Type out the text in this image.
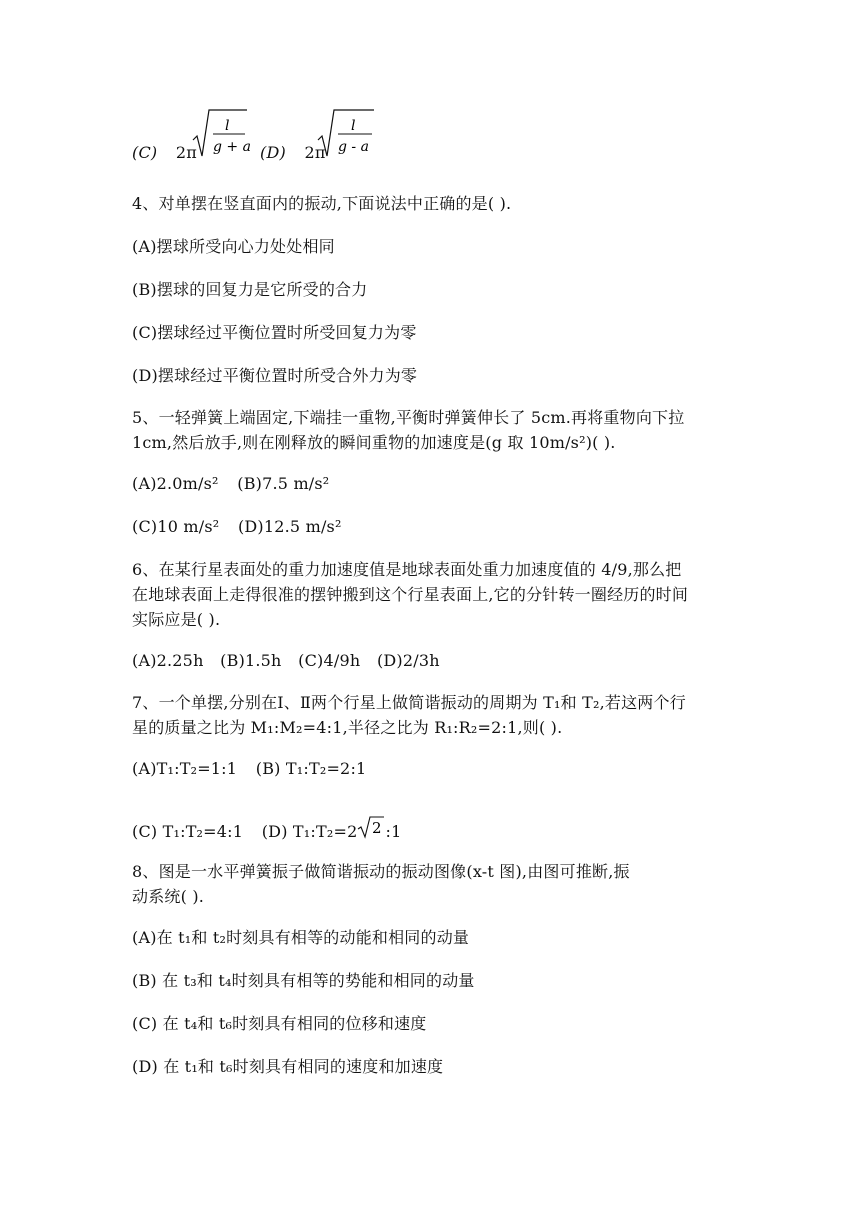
(C) 2π
l
g + a (D) 2π
l
g - a
4、对单摆在竖直面内的振动,下面说法中正确的是( ).
(A)摆球所受向心力处处相同
(B)摆球的回复力是它所受的合力
(C)摆球经过平衡位置时所受回复力为零
(D)摆球经过平衡位置时所受合外力为零
5、一轻弹簧上端固定,下端挂一重物,平衡时弹簧伸长了 5cm.再将重物向下拉
1cm,然后放手,则在刚释放的瞬间重物的加速度是(g 取 10m/s²)( ).
(A)2.0m/s² (B)7.5 m/s²
(C)10 m/s² (D)12.5 m/s²
6、在某行星表面处的重力加速度值是地球表面处重力加速度值的 4/9,那么把
在地球表面上走得很准的摆钟搬到这个行星表面上,它的分针转一圈经历的时间
实际应是( ).
(A)2.25h (B)1.5h (C)4/9h (D)2/3h
7、一个单摆,分别在Ⅰ、Ⅱ两个行星上做简谐振动的周期为 T₁和 T₂,若这两个行
星的质量之比为 M₁:M₂=4:1,半径之比为 R₁:R₂=2:1,则( ).
(A)T₁:T₂=1:1 (B) T₁:T₂=2:1
(C) T₁:T₂=4:1 (D) T₁:T₂=2 2 :1
8、图是一水平弹簧振子做简谐振动的振动图像(x-t 图),由图可推断,振
动系统( ).
(A)在 t₁和 t₂时刻具有相等的动能和相同的动量
(B) 在 t₃和 t₄时刻具有相等的势能和相同的动量
(C) 在 t₄和 t₆时刻具有相同的位移和速度
(D) 在 t₁和 t₆时刻具有相同的速度和加速度
